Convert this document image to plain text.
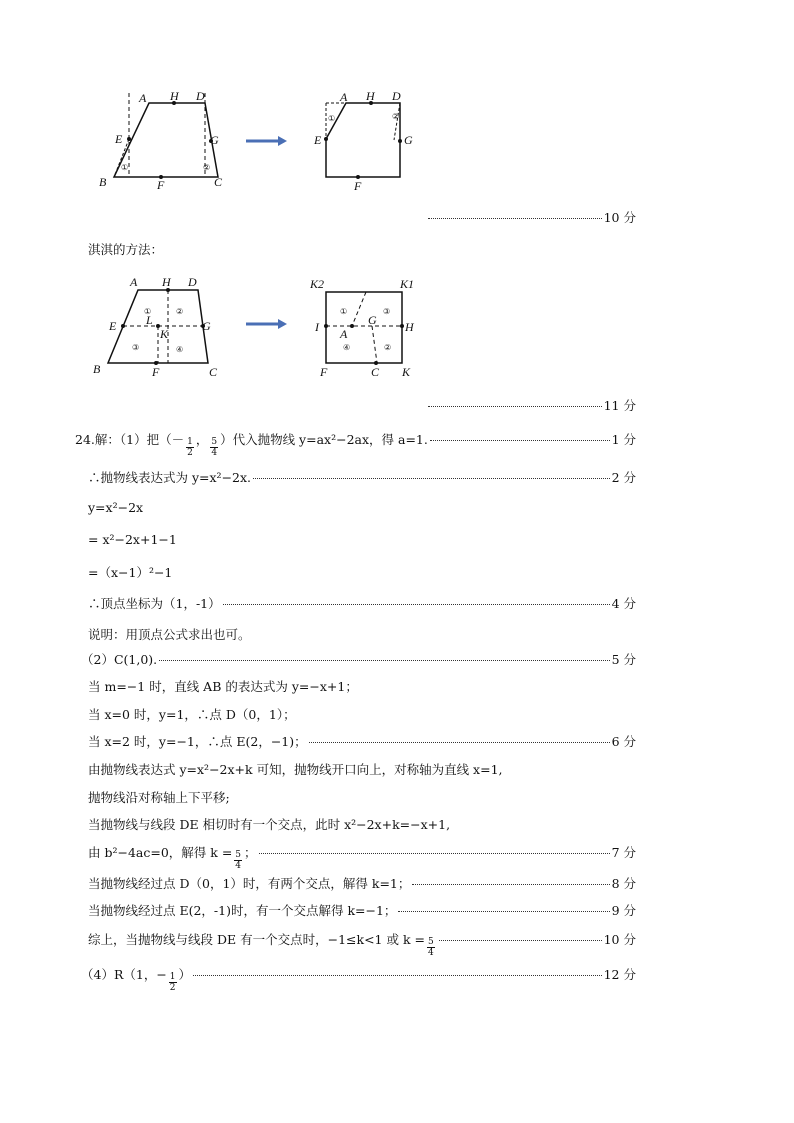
A H D
E	G
B	F	C
①	②
A H D
E	G
F
①	②
10 分
淇淇的方法：
A H D
E	G
L
K
B	F	C
①	②
③	④
K2	K1
I	H
G
A
F	C K
①
②
③
④
11 分
24.解：（1）把（－ $\frac{1}{2}$ ， $\frac{5}{4}$ ）代入抛物线 y=ax²−2ax，得 a=1.	1 分
∴抛物线表达式为 y=x²−2x.	2 分
y=x²−2x
= x²−2x+1−1
=（x−1）²−1
∴顶点坐标为（1，-1）	4 分
说明：用顶点公式求出也可。
（2）C(1,0).	5 分
当 m=−1 时，直线 AB 的表达式为 y=−x+1；
当 x=0 时，y=1，∴点 D（0，1）；
当 x=2 时，y=−1，∴点 E(2，−1)；	6 分
由抛物线表达式 y=x²−2x+k 可知，抛物线开口向上，对称轴为直线 x=1,
抛物线沿对称轴上下平移;
当抛物线与线段 DE 相切时有一个交点，此时 x²−2x+k=−x+1,
由 b²−4ac=0，解得 $k = \frac{5}{4}$ ；	7 分
当抛物线经过点 D（0，1）时，有两个交点，解得 k=1；	8 分
当抛物线经过点 E(2，-1)时，有一个交点解得 k=−1；	9 分
综上，当抛物线与线段 DE 有一个交点时，−1≤k<1 或 $k = \frac{5}{4}$	10 分
（4）R（1，− $\frac{1}{2}$ ）	12 分
